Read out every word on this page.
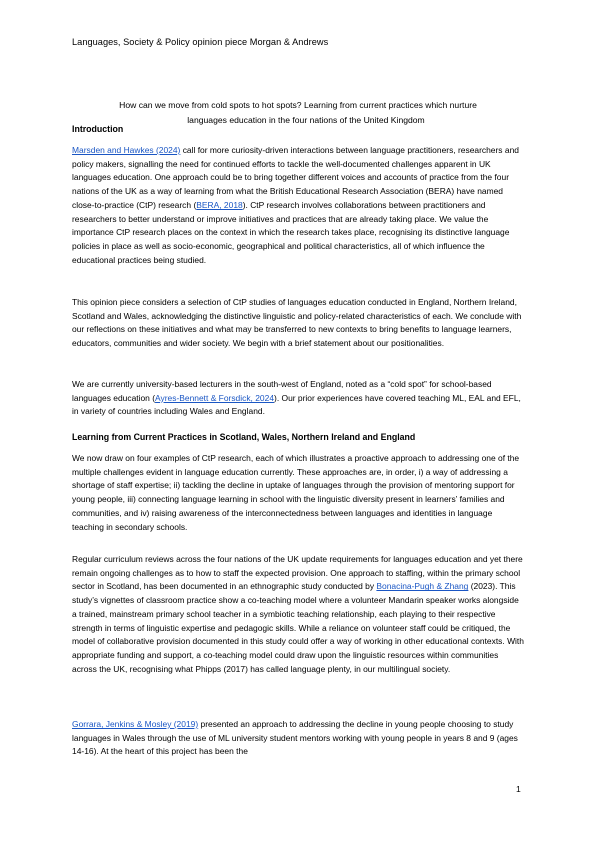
Languages, Society & Policy opinion piece Morgan & Andrews
How can we move from cold spots to hot spots? Learning from current practices which nurture
languages education in the four nations of the United Kingdom
Introduction

Marsden and Hawkes (2024) call for more curiosity-driven interactions between language practitioners, researchers and policy makers, signalling the need for continued efforts to tackle the well-documented challenges apparent in UK languages education. One approach could be to bring together different voices and accounts of practice from the four nations of the UK as a way of learning from what the British Educational Research Association (BERA) have named close-to-practice (CtP) research (BERA, 2018). CtP research involves collaborations between practitioners and researchers to better understand or improve initiatives and practices that are already taking place. We value the importance CtP research places on the context in which the research takes place, recognising its distinctive language policies in place as well as socio-economic, geographical and political characteristics, all of which influence the educational practices being studied.

This opinion piece considers a selection of CtP studies of languages education conducted in England, Northern Ireland, Scotland and Wales, acknowledging the distinctive linguistic and policy-related characteristics of each. We conclude with our reflections on these initiatives and what may be transferred to new contexts to bring benefits to language learners, educators, communities and wider society. We begin with a brief statement about our positionalities.

We are currently university-based lecturers in the south-west of England, noted as a “cold spot” for school-based languages education (Ayres-Bennett & Forsdick, 2024). Our prior experiences have covered teaching ML, EAL and EFL, in variety of countries including Wales and England.

Learning from Current Practices in Scotland, Wales, Northern Ireland and England

We now draw on four examples of CtP research, each of which illustrates a proactive approach to addressing one of the multiple challenges evident in language education currently. These approaches are, in order, i) a way of addressing a shortage of staff expertise; ii) tackling the decline in uptake of languages through the provision of mentoring support for young people, iii) connecting language learning in school with the linguistic diversity present in learners’ families and communities, and iv) raising awareness of the interconnectedness between languages and identities in language teaching in secondary schools.

Regular curriculum reviews across the four nations of the UK update requirements for languages education and yet there remain ongoing challenges as to how to staff the expected provision. One approach to staffing, within the primary school sector in Scotland, has been documented in an ethnographic study conducted by Bonacina-Pugh & Zhang (2023). This study’s vignettes of classroom practice show a co-teaching model where a volunteer Mandarin speaker works alongside a trained, mainstream primary school teacher in a symbiotic teaching relationship, each playing to their respective strength in terms of linguistic expertise and pedagogic skills. While a reliance on volunteer staff could be critiqued, the model of collaborative provision documented in this study could offer a way of working in other educational contexts. With appropriate funding and support, a co-teaching model could draw upon the linguistic resources within communities across the UK, recognising what Phipps (2017) has called language plenty, in our multilingual society.

Gorrara, Jenkins & Mosley (2019) presented an approach to addressing the decline in young people choosing to study languages in Wales through the use of ML university student mentors working with young people in years 8 and 9 (ages 14-16). At the heart of this project has been the

1
